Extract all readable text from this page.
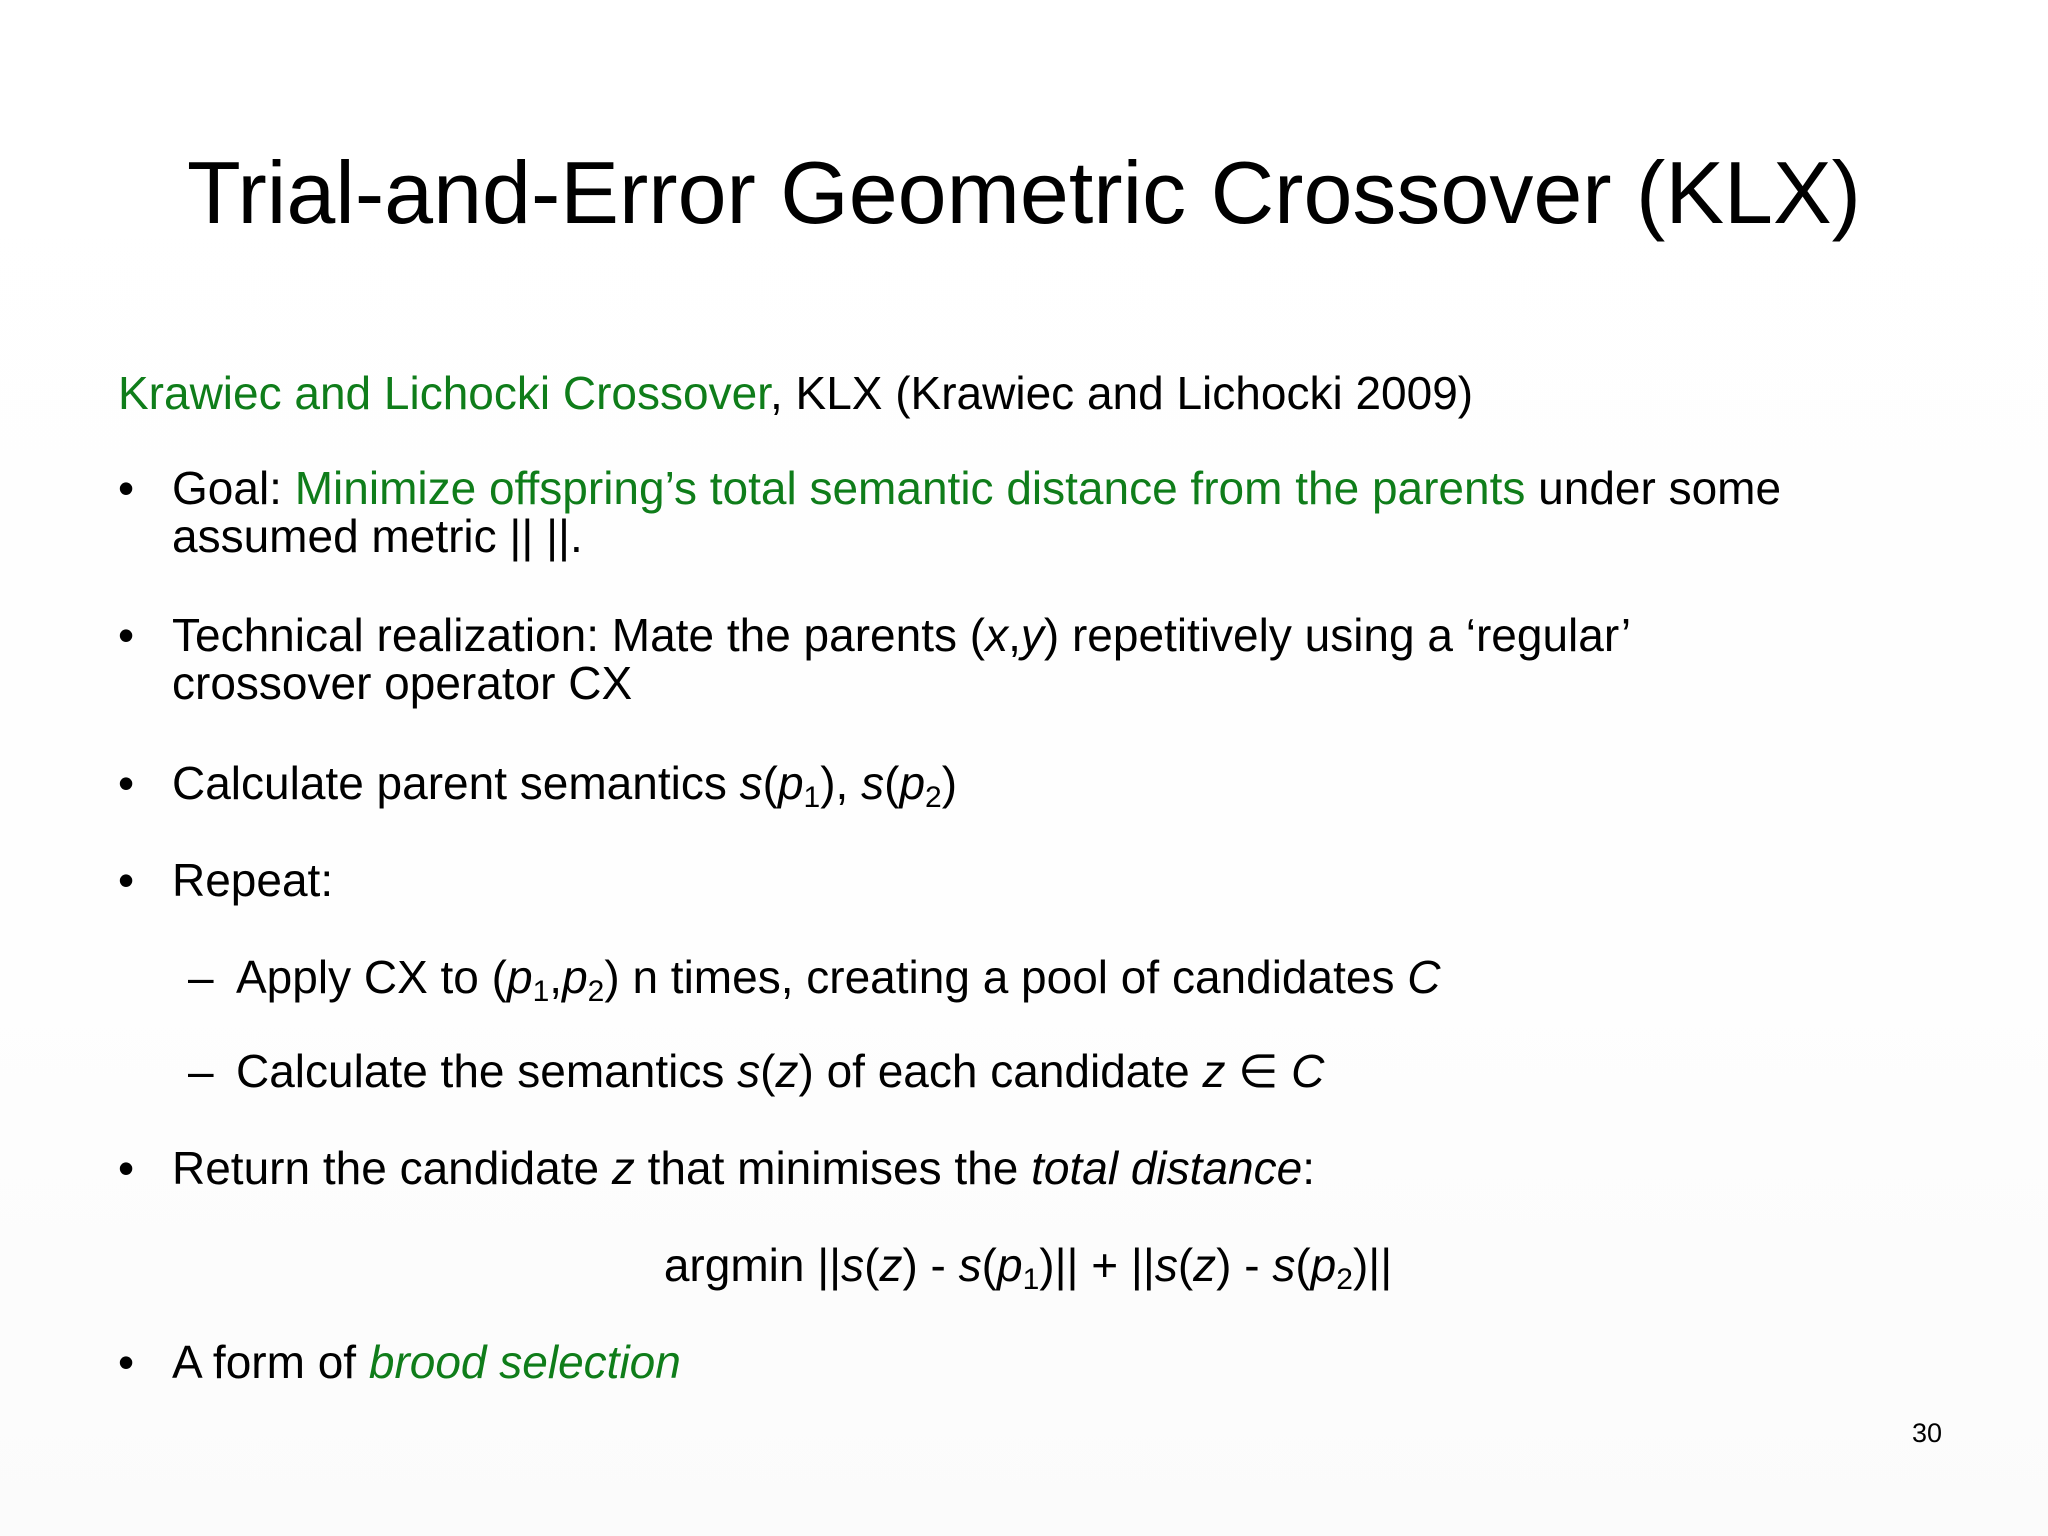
Trial-and-Error Geometric Crossover (KLX)
Krawiec and Lichocki Crossover, KLX (Krawiec and Lichocki 2009)
• Goal: Minimize offspring’s total semantic distance from the parents under some
assumed metric || ||.
• Technical realization: Mate the parents (x,y) repetitively using a ‘regular’
crossover operator CX
• Calculate parent semantics $s(p_1)$, $s(p_2)$
• Repeat:
– Apply CX to $(p_1,p_2)$ n times, creating a pool of candidates C
– Calculate the semantics s(z) of each candidate z ∈ C
• Return the candidate z that minimises the total distance:
argmin $||s(z) - s(p_1)|| + ||s(z) - s(p_2)||$
• A form of brood selection
30
